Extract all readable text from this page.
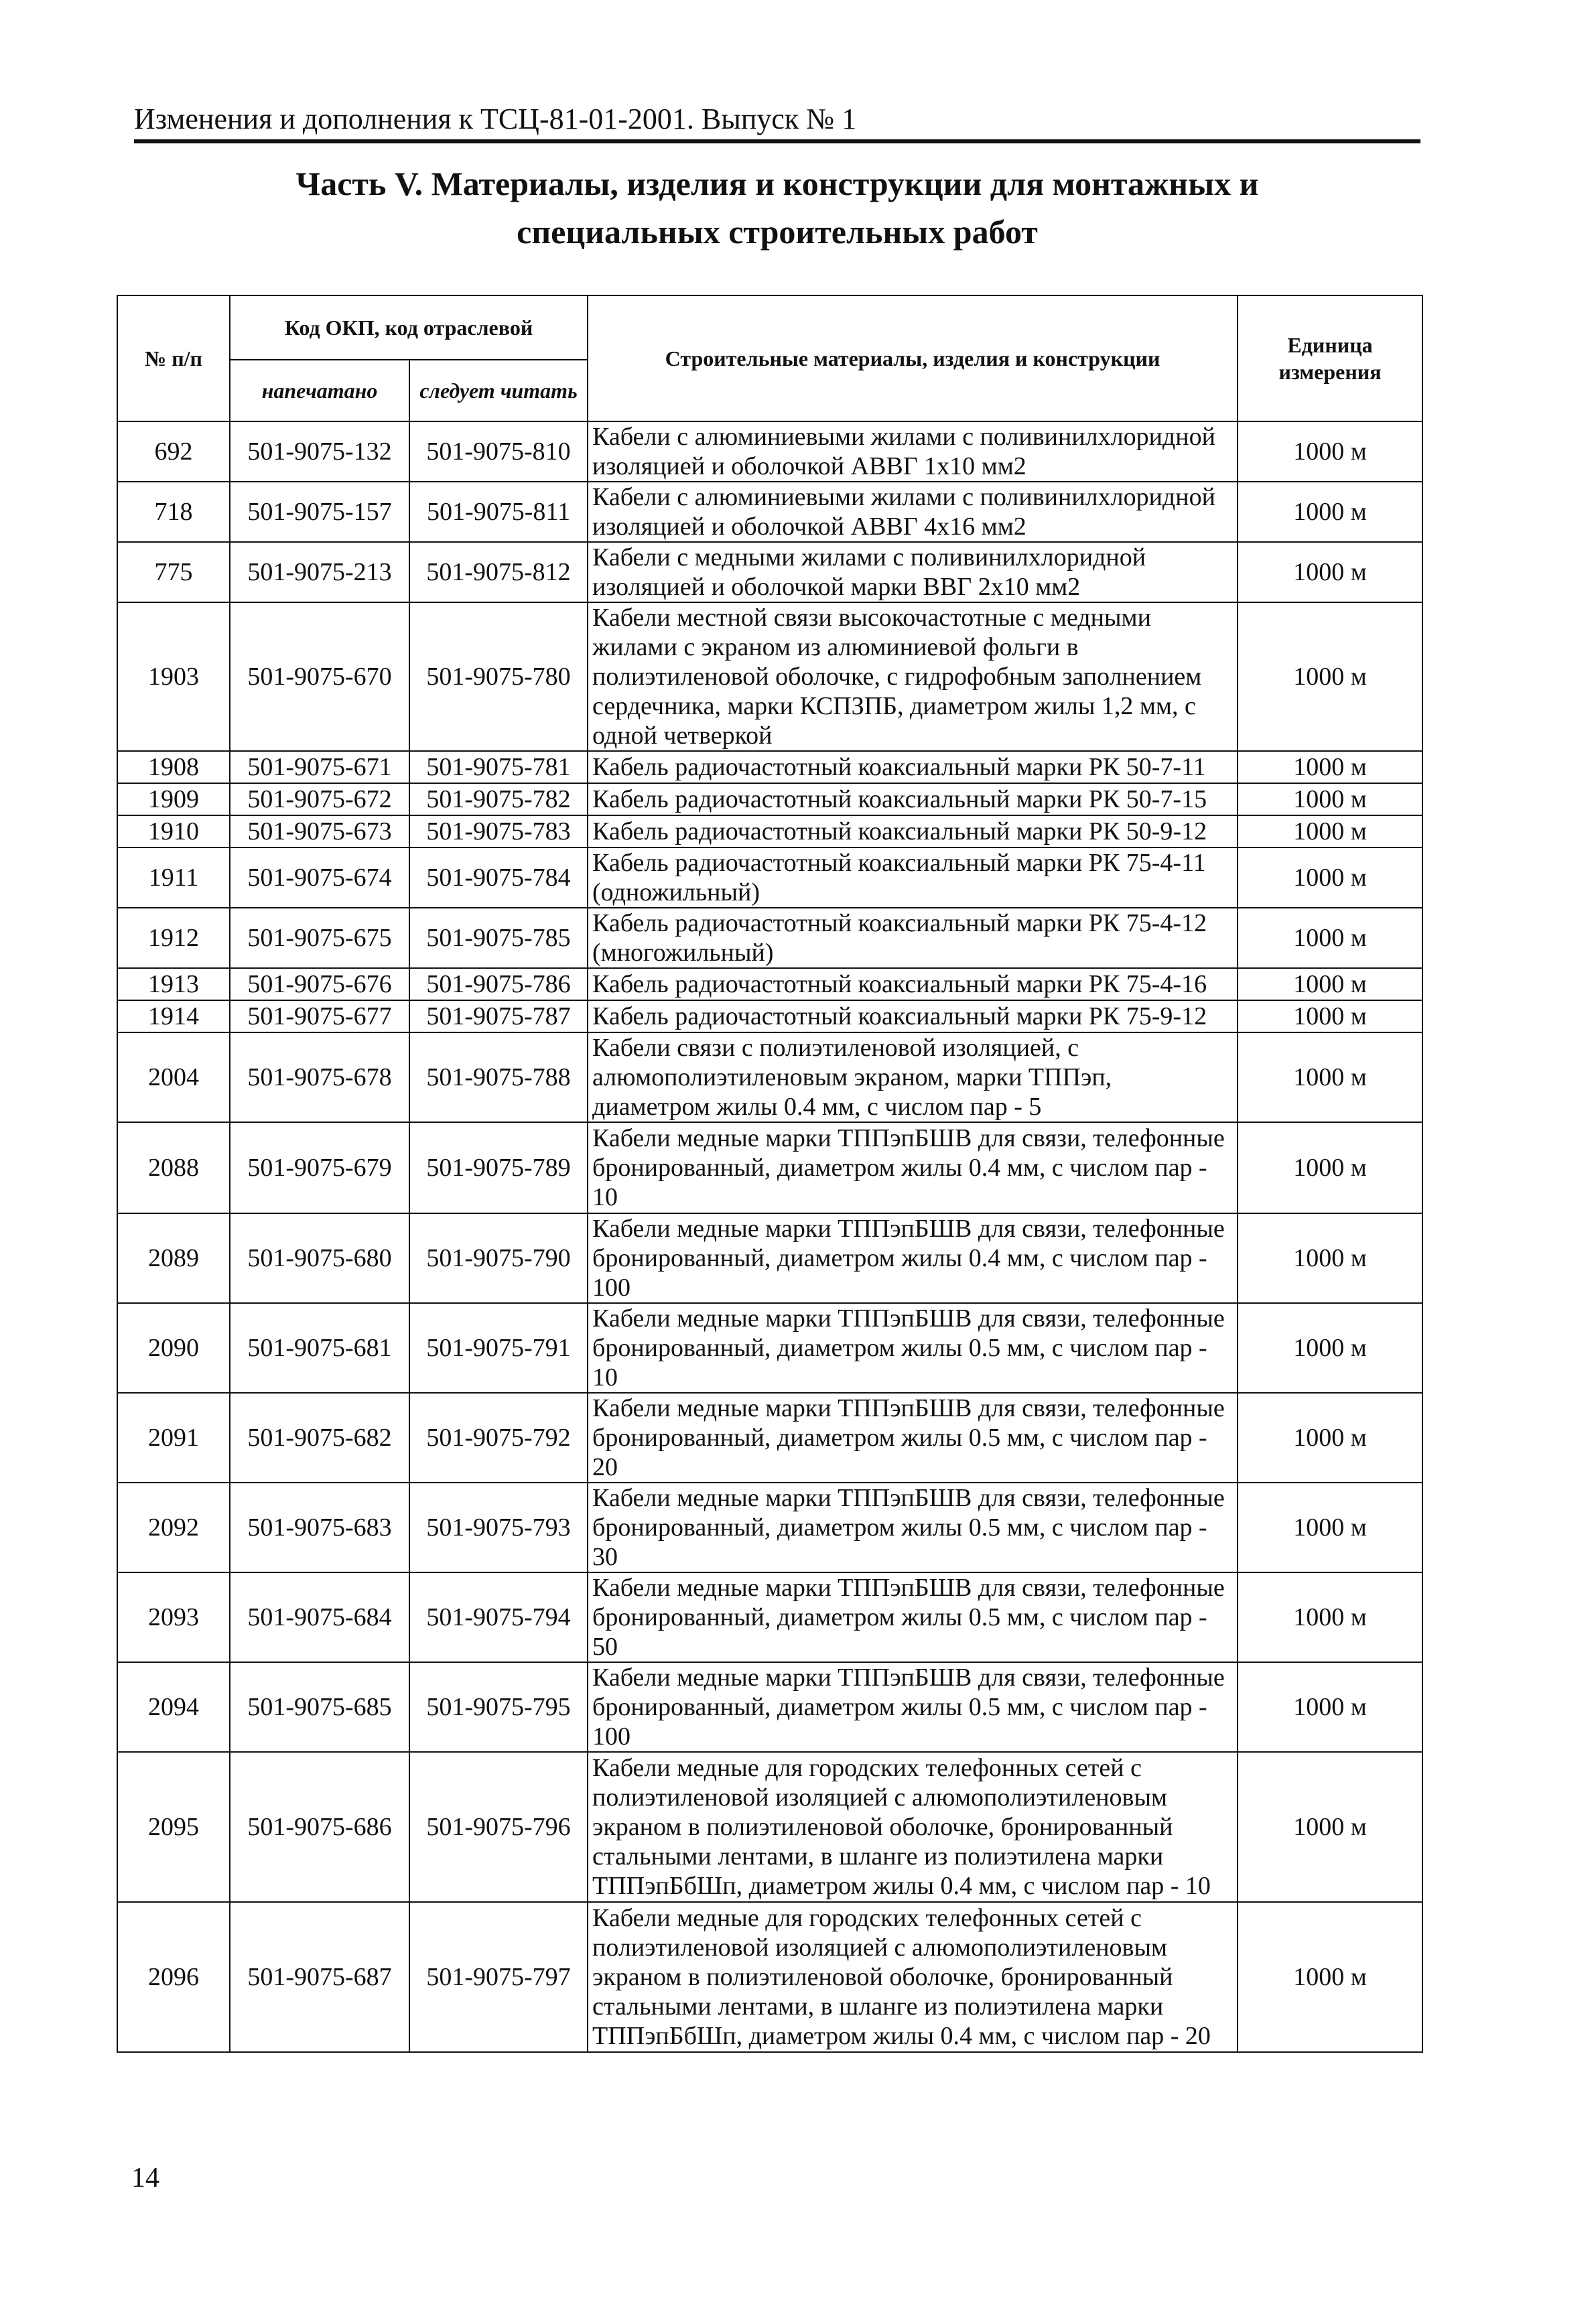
Изменения и дополнения к ТСЦ-81-01-2001. Выпуск № 1
Часть V. Материалы, изделия и конструкции для монтажных и
специальных строительных работ
№ п/п	Код ОКП, код отраслевой		Строительные материалы, изделия и конструкции	Единица измерения
	напечатано	следует читать		
692	501-9075-132	501-9075-810	Кабели с алюминиевыми жилами с поливинилхлоридной изоляцией и оболочкой АВВГ 1х10 мм2	1000 м
718	501-9075-157	501-9075-811	Кабели с алюминиевыми жилами с поливинилхлоридной изоляцией и оболочкой АВВГ 4х16 мм2	1000 м
775	501-9075-213	501-9075-812	Кабели с медными жилами с поливинилхлоридной изоляцией и оболочкой марки ВВГ 2х10 мм2	1000 м
1903	501-9075-670	501-9075-780	Кабели местной связи высокочастотные с медными жилами с экраном из алюминиевой фольги в полиэтиленовой оболочке, с гидрофобным заполнением сердечника, марки КСПЗПБ, диаметром жилы 1,2 мм, с одной четверкой	1000 м
1908	501-9075-671	501-9075-781	Кабель радиочастотный коаксиальный марки РК 50-7-11	1000 м
1909	501-9075-672	501-9075-782	Кабель радиочастотный коаксиальный марки РК 50-7-15	1000 м
1910	501-9075-673	501-9075-783	Кабель радиочастотный коаксиальный марки РК 50-9-12	1000 м
1911	501-9075-674	501-9075-784	Кабель радиочастотный коаксиальный марки РК 75-4-11 (одножильный)	1000 м
1912	501-9075-675	501-9075-785	Кабель радиочастотный коаксиальный марки РК 75-4-12 (многожильный)	1000 м
1913	501-9075-676	501-9075-786	Кабель радиочастотный коаксиальный марки РК 75-4-16	1000 м
1914	501-9075-677	501-9075-787	Кабель радиочастотный коаксиальный марки РК 75-9-12	1000 м
2004	501-9075-678	501-9075-788	Кабели связи с полиэтиленовой изоляцией, с алюмополиэтиленовым экраном, марки ТППэп, диаметром жилы 0.4 мм, с числом пар - 5	1000 м
2088	501-9075-679	501-9075-789	Кабели медные марки ТППэпБШВ для связи, телефонные бронированный, диаметром жилы 0.4 мм, с числом пар - 10	1000 м
2089	501-9075-680	501-9075-790	Кабели медные марки ТППэпБШВ для связи, телефонные бронированный, диаметром жилы 0.4 мм, с числом пар - 100	1000 м
2090	501-9075-681	501-9075-791	Кабели медные марки ТППэпБШВ для связи, телефонные бронированный, диаметром жилы 0.5 мм, с числом пар - 10	1000 м
2091	501-9075-682	501-9075-792	Кабели медные марки ТППэпБШВ для связи, телефонные бронированный, диаметром жилы 0.5 мм, с числом пар - 20	1000 м
2092	501-9075-683	501-9075-793	Кабели медные марки ТППэпБШВ для связи, телефонные бронированный, диаметром жилы 0.5 мм, с числом пар - 30	1000 м
2093	501-9075-684	501-9075-794	Кабели медные марки ТППэпБШВ для связи, телефонные бронированный, диаметром жилы 0.5 мм, с числом пар - 50	1000 м
2094	501-9075-685	501-9075-795	Кабели медные марки ТППэпБШВ для связи, телефонные бронированный, диаметром жилы 0.5 мм, с числом пар - 100	1000 м
2095	501-9075-686	501-9075-796	Кабели медные для городских телефонных сетей с полиэтиленовой изоляцией с алюмополиэтиленовым экраном в полиэтиленовой оболочке, бронированный стальными лентами, в шланге из полиэтилена марки ТППэпБбШп, диаметром жилы 0.4 мм, с числом пар - 10	1000 м
2096	501-9075-687	501-9075-797	Кабели медные для городских телефонных сетей с полиэтиленовой изоляцией с алюмополиэтиленовым экраном в полиэтиленовой оболочке, бронированный стальными лентами, в шланге из полиэтилена марки ТППэпБбШп, диаметром жилы 0.4 мм, с числом пар - 20	1000 м
14
